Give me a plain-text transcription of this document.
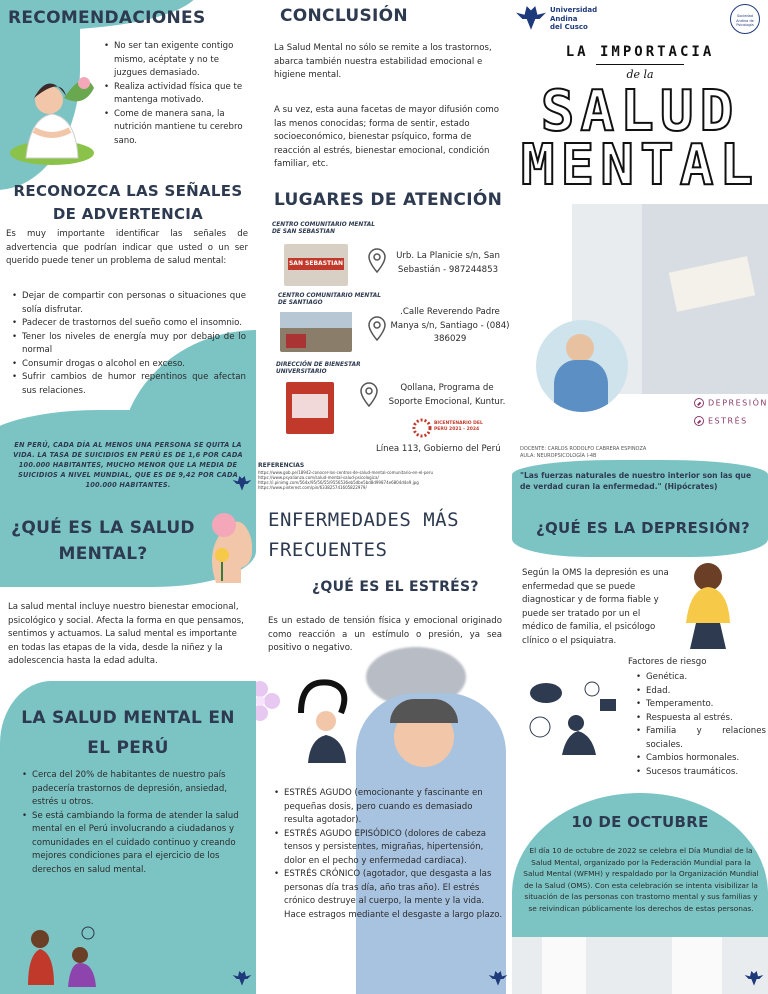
RECOMENDACIONES
• No ser tan exigente contigo mismo, acéptate y no te juzgues demasiado.
• Realiza actividad física que te mantenga motivado.
• Come de manera sana, la nutrición mantiene tu cerebro sano.
RECONOZCA LAS SEÑALES DE ADVERTENCIA
Es muy importante identificar las señales de advertencia que podrían indicar que usted o un ser querido puede tener un problema de salud mental:
• Dejar de compartir con personas o situaciones que solía disfrutar.
• Padecer de trastornos del sueño como el insomnio.
• Tener los niveles de energía muy por debajo de lo normal
• Consumir drogas o alcohol en exceso.
• Sufrir cambios de humor repentinos que afectan sus relaciones.
EN PERÚ, CADA DÍA AL MENOS UNA PERSONA SE QUITA LA VIDA. LA TASA DE SUICIDIOS EN PERÚ ES DE 1,6 POR CADA 100.000 HABITANTES, MUCHO MENOR QUE LA MEDIA DE SUICIDIOS A NIVEL MUNDIAL, QUE ES DE 9,42 POR CADA 100.000 HABITANTES.
CONCLUSIÓN
La Salud Mental no sólo se remite a los trastornos, abarca también nuestra estabilidad emocional e higiene mental.
A su vez, esta auna facetas de mayor difusión como las menos conocidas; forma de sentir, estado socioeconómico, bienestar psíquico, forma de reacción al estrés, bienestar emocional, condición familiar, etc.
LUGARES DE ATENCIÓN
CENTRO COMUNITARIO MENTAL DE SAN SEBASTIAN
SAN SEBASTIAN
Urb. La Planicie s/n, San Sebastián - 987244853
CENTRO COMUNITARIO MENTAL DE SANTIAGO
.Calle Reverendo Padre Manya s/n, Santiago - (084) 386029
DIRECCIÓN DE BIENESTAR UNIVERSITARIO
Qollana, Programa de Soporte Emocional, Kuntur.
BICENTENARIO DEL PERÚ 2021 - 2024
Línea 113, Gobierno del Perú
REFERENCIAS
https://www.gob.pe/18942-conocer-los-centros-de-salud-mental-comunitario-en-el-peru
https://www.psyalianza.com/salud-mental-salud-psicologica/
https://i.pinimg.com/564x/95/56/55/9556536eb5dbe5bd8d99874e6804d4e9.jpg
https://www.pinterest.com/pin/633825741605822979/
Universidad
Andina
del Cusco
Sociedad Andina de Psicología
LA IMPORTACIA
de la
SALUD
MENTAL
DEPRESIÓN
ESTRÉS
DOCENTE: CARLOS RODOLFO CABRERA ESPINOZA
AULA: NEUROPSICOLOGÍA I-4B
"Las fuerzas naturales de nuestro interior son las que de verdad curan la enfermedad." (Hipócrates)
¿QUÉ ES LA SALUD MENTAL?
La salud mental incluye nuestro bienestar emocional, psicológico y social. Afecta la forma en que pensamos, sentimos y actuamos. La salud mental es importante en todas las etapas de la vida, desde la niñez y la adolescencia hasta la edad adulta.
LA SALUD MENTAL EN EL PERÚ
• Cerca del 20% de habitantes de nuestro país padecería trastornos de depresión, ansiedad, estrés u otros.
• Se está cambiando la forma de atender la salud mental en el Perú involucrando a ciudadanos y comunidades en el cuidado continuo y creando mejores condiciones para el ejercicio de los derechos en salud mental.
ENFERMEDADES MÁS FRECUENTES
¿QUÉ ES EL ESTRÉS?
Es un estado de tensión física y emocional originado como reacción a un estímulo o presión, ya sea positivo o negativo.
• ESTRÉS AGUDO (emocionante y fascinante en pequeñas dosis, pero cuando es demasiado resulta agotador).
• ESTRÉS AGUDO EPISÓDICO (dolores de cabeza tensos y persistentes, migrañas, hipertensión, dolor en el pecho y enfermedad cardiaca).
• ESTRÉS CRÓNICO (agotador, que desgasta a las personas día tras día, año tras año). El estrés crónico destruye al cuerpo, la mente y la vida. Hace estragos mediante el desgaste a largo plazo.
¿QUÉ ES LA DEPRESIÓN?
Según la OMS la depresión es una enfermedad que se puede diagnosticar y de forma fiable y puede ser tratado por un el médico de familia, el psicólogo clínico o el psiquiatra.
Factores de riesgo
• Genética.
• Edad.
• Temperamento.
• Respuesta al estrés.
• Familia y relaciones sociales.
• Cambios hormonales.
• Sucesos traumáticos.
10 DE OCTUBRE
El día 10 de octubre de 2022 se celebra el Día Mundial de la Salud Mental, organizado por la Federación Mundial para la Salud Mental (WFMH) y respaldado por la Organización Mundial de la Salud (OMS). Con esta celebración se intenta visibilizar la situación de las personas con trastorno mental y sus familias y se reivindican públicamente los derechos de estas personas.
